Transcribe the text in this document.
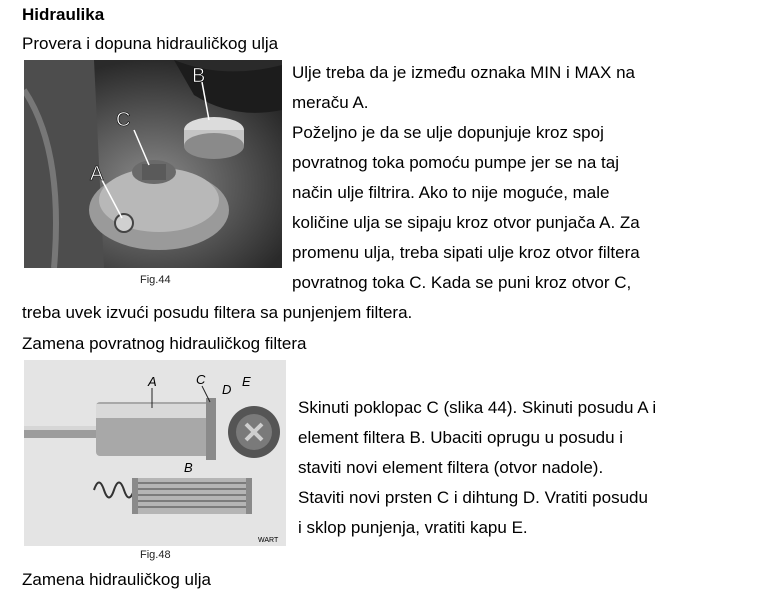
Hidraulika
Provera i dopuna hidrauličkog ulja
B
C
A
Fig.44
Ulje treba da je između oznaka MIN i MAX na
meraču A.
Poželjno je da se ulje dopunjuje kroz spoj
povratnog toka pomoću pumpe jer se na taj
način ulje filtrira. Ako to nije moguće, male
količine ulja se sipaju kroz otvor punjača A. Za
promenu ulja, treba sipati ulje kroz otvor filtera
povratnog toka C. Kada se puni kroz otvor C,
treba uvek izvući posudu filtera sa punjenjem filtera.
Zamena povratnog hidrauličkog filtera
A	C
D
E
B
WART
Fig.48
Skinuti poklopac C (slika 44). Skinuti posudu A i
element filtera B. Ubaciti oprugu u posudu i
staviti novi element filtera (otvor nadole).
Staviti novi prsten C i dihtung D. Vratiti posudu
i sklop punjenja, vratiti kapu E.
Zamena hidrauličkog ulja
